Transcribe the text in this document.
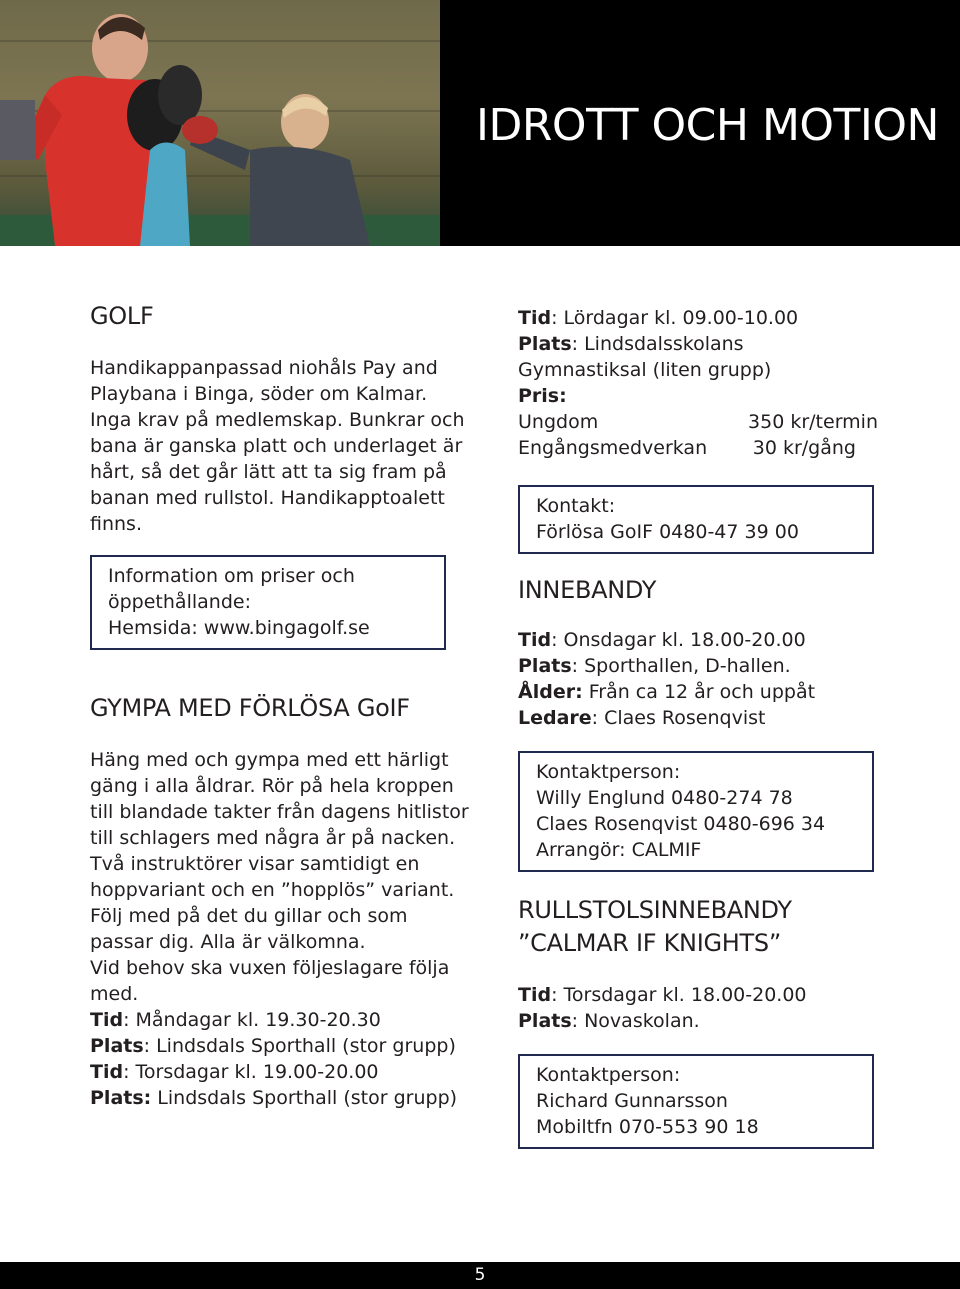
IDROTT OCH MOTION
GOLF

Handikappanpassad niohåls Pay and Playbana i Binga, söder om Kalmar. Inga krav på medlemskap. Bunkrar och bana är ganska platt och underlaget är hårt, så det går lätt att ta sig fram på banan med rullstol. Handikapptoalett finns.

Information om priser och öppethållande:

Hemsida: www.bingagolf.se

GYMPA MED FÖRLÖSA GoIF

Häng med och gympa med ett härligt gäng i alla åldrar. Rör på hela kroppen till blandade takter från dagens hitlistor till schlagers med några år på nacken. Två instruktörer visar samtidigt en hoppvariant och en ”hopplös” variant. Följ med på det du gillar och som passar dig. Alla är välkomna.

Vid behov ska vuxen följeslagare följa med.

Tid: Måndagar kl. 19.30-20.30

Plats: Lindsdals Sporthall (stor grupp)

Tid: Torsdagar kl. 19.00-20.00

Plats: Lindsdals Sporthall (stor grupp)

Tid: Lördagar kl. 09.00-10.00

Plats: Lindsdalsskolans Gymnastiksal (liten grupp)

Pris:

Ungdom	350 kr/termin
Engångsmedverkan 30 kr/gång

Kontakt:

Förlösa GoIF 0480-47 39 00

INNEBANDY

Tid: Onsdagar kl. 18.00-20.00

Plats: Sporthallen, D-hallen.

Ålder: Från ca 12 år och uppåt

Ledare: Claes Rosenqvist

Kontaktperson:

Willy Englund 0480-274 78

Claes Rosenqvist 0480-696 34

Arrangör: CALMIF

RULLSTOLSINNEBANDY
”CALMAR IF KNIGHTS”

Tid: Torsdagar kl. 18.00-20.00

Plats: Novaskolan.

Kontaktperson:

Richard Gunnarsson

Mobiltfn 070-553 90 18

5
